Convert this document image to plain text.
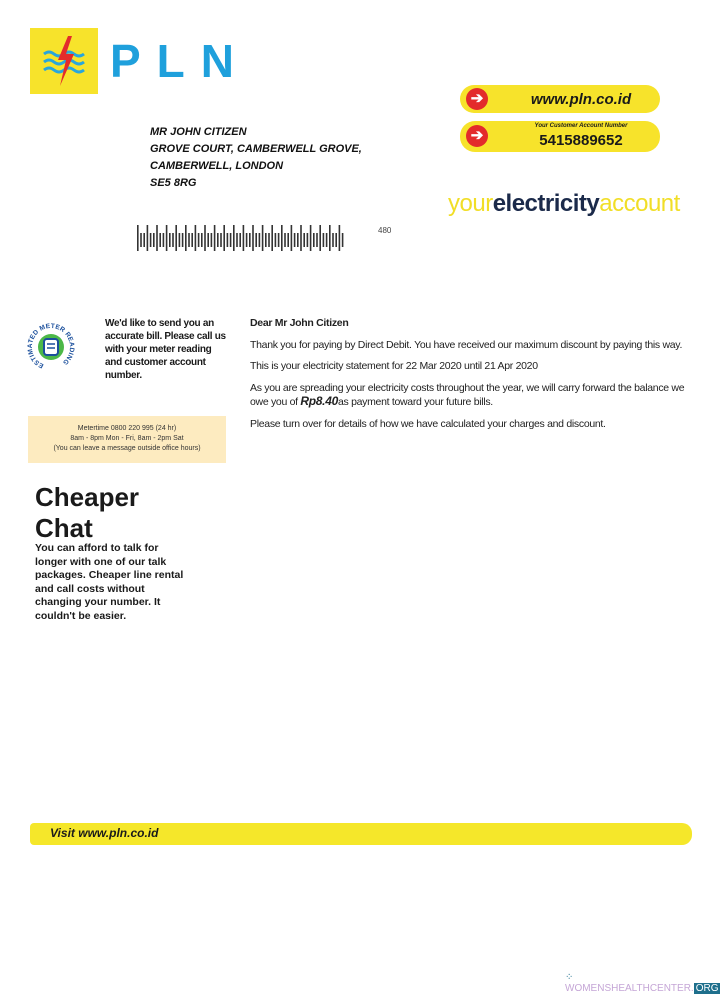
PLN
➔	www.pln.co.id
➔
Your Customer Account Number
5415889652
yourelectricityaccount
MR JOHN CITIZEN
GROVE COURT, CAMBERWELL GROVE,
CAMBERWELL, LONDON
SE5 8RG
480
ESTIMATED METER READING
We'd like to send you an accurate bill. Please call us with your meter reading and customer account number.
Metertime 0800 220 995 (24 hr)
8am - 8pm Mon - Fri, 8am - 2pm Sat
(You can leave a message outside office hours)

Dear Mr John Citizen

Thank you for paying by Direct Debit. You have received our maximum discount by paying this way.

This is your electricity statement for 22 Mar 2020 until 21 Apr 2020

As you are spreading your electricity costs throughout the year, we will carry forward the balance we owe you of Rp8.40as payment toward your future bills.

Please turn over for details of how we have calculated your charges and discount.

Cheaper
Chat
You can afford to talk for longer with one of our talk packages. Cheaper line rental and call costs without changing your number. It couldn't be easier.
Visit www.pln.co.id
⁘ WOMENSHEALTHCENTER. ORG
